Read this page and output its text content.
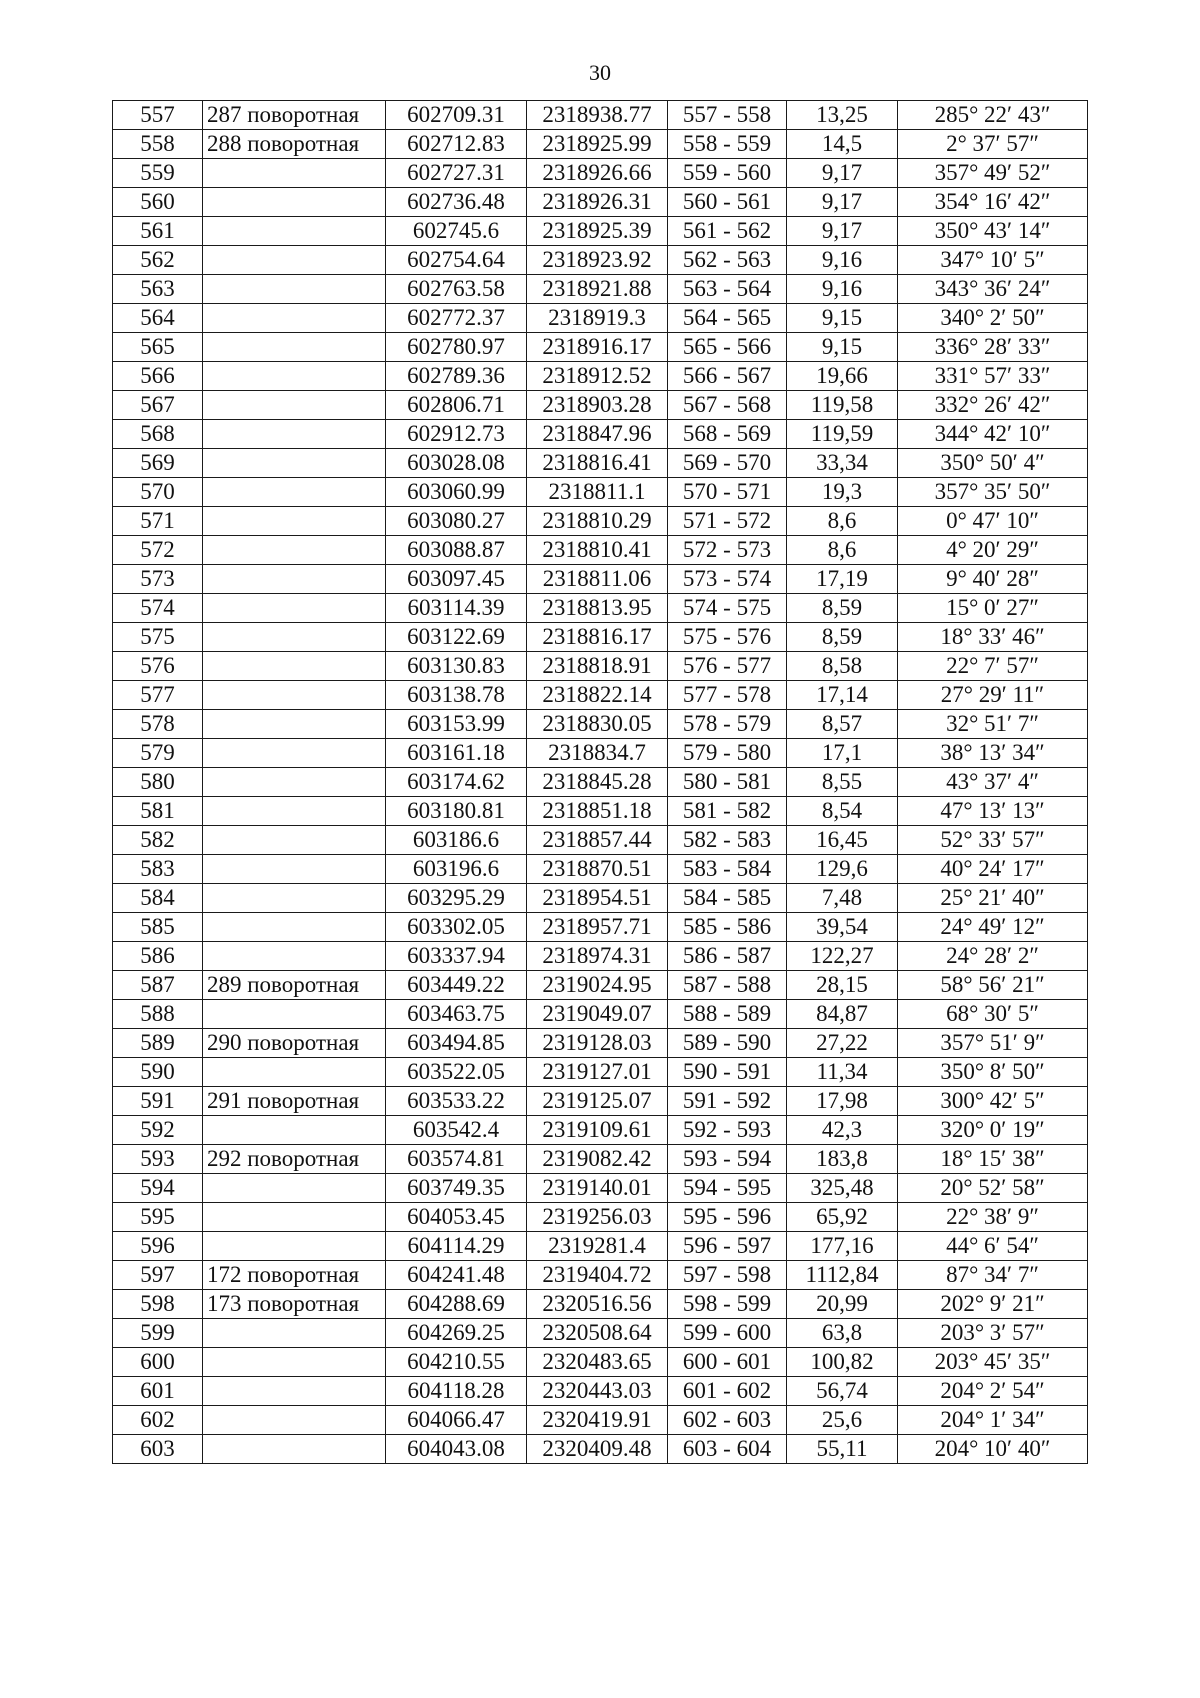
30
557	287 поворотная	602709.31	2318938.77	557 - 558	13,25	285° 22′ 43″
558	288 поворотная	602712.83	2318925.99	558 - 559	14,5	2° 37′ 57″
559		602727.31	2318926.66	559 - 560	9,17	357° 49′ 52″
560		602736.48	2318926.31	560 - 561	9,17	354° 16′ 42″
561		602745.6	2318925.39	561 - 562	9,17	350° 43′ 14″
562		602754.64	2318923.92	562 - 563	9,16	347° 10′ 5″
563		602763.58	2318921.88	563 - 564	9,16	343° 36′ 24″
564		602772.37	2318919.3	564 - 565	9,15	340° 2′ 50″
565		602780.97	2318916.17	565 - 566	9,15	336° 28′ 33″
566		602789.36	2318912.52	566 - 567	19,66	331° 57′ 33″
567		602806.71	2318903.28	567 - 568	119,58	332° 26′ 42″
568		602912.73	2318847.96	568 - 569	119,59	344° 42′ 10″
569		603028.08	2318816.41	569 - 570	33,34	350° 50′ 4″
570		603060.99	2318811.1	570 - 571	19,3	357° 35′ 50″
571		603080.27	2318810.29	571 - 572	8,6	0° 47′ 10″
572		603088.87	2318810.41	572 - 573	8,6	4° 20′ 29″
573		603097.45	2318811.06	573 - 574	17,19	9° 40′ 28″
574		603114.39	2318813.95	574 - 575	8,59	15° 0′ 27″
575		603122.69	2318816.17	575 - 576	8,59	18° 33′ 46″
576		603130.83	2318818.91	576 - 577	8,58	22° 7′ 57″
577		603138.78	2318822.14	577 - 578	17,14	27° 29′ 11″
578		603153.99	2318830.05	578 - 579	8,57	32° 51′ 7″
579		603161.18	2318834.7	579 - 580	17,1	38° 13′ 34″
580		603174.62	2318845.28	580 - 581	8,55	43° 37′ 4″
581		603180.81	2318851.18	581 - 582	8,54	47° 13′ 13″
582		603186.6	2318857.44	582 - 583	16,45	52° 33′ 57″
583		603196.6	2318870.51	583 - 584	129,6	40° 24′ 17″
584		603295.29	2318954.51	584 - 585	7,48	25° 21′ 40″
585		603302.05	2318957.71	585 - 586	39,54	24° 49′ 12″
586		603337.94	2318974.31	586 - 587	122,27	24° 28′ 2″
587	289 поворотная	603449.22	2319024.95	587 - 588	28,15	58° 56′ 21″
588		603463.75	2319049.07	588 - 589	84,87	68° 30′ 5″
589	290 поворотная	603494.85	2319128.03	589 - 590	27,22	357° 51′ 9″
590		603522.05	2319127.01	590 - 591	11,34	350° 8′ 50″
591	291 поворотная	603533.22	2319125.07	591 - 592	17,98	300° 42′ 5″
592		603542.4	2319109.61	592 - 593	42,3	320° 0′ 19″
593	292 поворотная	603574.81	2319082.42	593 - 594	183,8	18° 15′ 38″
594		603749.35	2319140.01	594 - 595	325,48	20° 52′ 58″
595		604053.45	2319256.03	595 - 596	65,92	22° 38′ 9″
596		604114.29	2319281.4	596 - 597	177,16	44° 6′ 54″
597	172 поворотная	604241.48	2319404.72	597 - 598	1112,84	87° 34′ 7″
598	173 поворотная	604288.69	2320516.56	598 - 599	20,99	202° 9′ 21″
599		604269.25	2320508.64	599 - 600	63,8	203° 3′ 57″
600		604210.55	2320483.65	600 - 601	100,82	203° 45′ 35″
601		604118.28	2320443.03	601 - 602	56,74	204° 2′ 54″
602		604066.47	2320419.91	602 - 603	25,6	204° 1′ 34″
603		604043.08	2320409.48	603 - 604	55,11	204° 10′ 40″
